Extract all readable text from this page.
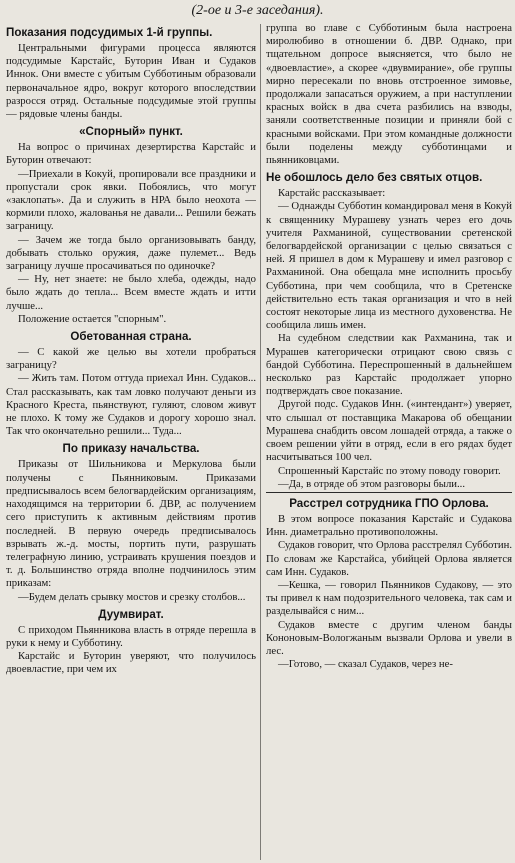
(2-ое и 3-е заседания).
Показания подсудимых 1-й группы.

Центральными фигурами процесса являются подсудимые Карстайс, Буторин Иван и Судаков Иннок. Они вместе с убитым Субботиным образовали первоначальное ядро, вокруг которого впоследствии разросся отряд. Остальные подсудимые этой группы — рядовые члены банды.

«Спорный» пункт.

На вопрос о причинах дезертирства Карстайс и Буторин отвечают:

—Приехали в Кокуй, пропировали все праздники и пропустали срок явки. Побоялись, что могут «заклопать». Да и служить в НРА было неохота — кормили плохо, жалованья не давали... Решили бежать заграницу.

— Зачем же тогда было организовывать банду, добывать столько оружия, даже пулемет... Ведь заграницу лучше просачиваться по одиночке?

— Ну, нет знаете: не было хлеба, одежды, надо было ждать до тепла... Всем вместе ждать и итти лучше...

Положение остается "спорным".

Обетованная страна.

— С какой же целью вы хотели пробраться заграницу?

— Жить там. Потом оттуда приехал Инн. Судаков... Стал рассказывать, как там ловко получают деньги из Красного Креста, пьянствуют, гуляют, словом живут не плохо. К тому же Судаков и дорогу хорошо знал. Так что окончательно решили... Туда...

По приказу начальства.

Приказы от Шильникова и Меркулова были получены с Пьянниковым. Приказами предписывалось всем белогвардейским организациям, находящимся на территории б. ДВР, ас получением сего приступить к активным действиям против последней. В первую очередь предписывалось взрывать ж.-д. мосты, портить пути, разрушать телеграфную линию, устраивать крушения поездов и т. д. Большинство отряда вполне подчинилось этим приказам:

—Будем делать срывку мостов и срезку столбов...

Дуумвират.

С приходом Пьянникова власть в отряде перешла в руки к нему и Субботину.

Карстайс и Буторин уверяют, что получилось двоевластие, при чем их

группа во главе с Субботиным была настроена миролюбиво в отношении б. ДВР. Однако, при тщательном допросе выясняется, что было не «двоевластие», а скорее «двувмирание», обе группы мирно пересекали по вновь отстроенное зимовье, продолжали запасаться оружием, а при наступлении красных войск в два счета разбились на взводы, заняли соответственные позиции и приняли бой с красными войсками. При этом командные должности были поделены между субботинцами и пьянниковцами.

Не обошлось дело без святых отцов.

Карстайс рассказывает:

— Однажды Субботин командировал меня в Кокуй к священнику Мурашеву узнать через его дочь учителя Рахманиной, существовании сретенской белогвардейской организации с целью связаться с ней. Я пришел в дом к Мурашеву и имел разговор с Рахманиной. Она обещала мне исполнить просьбу Субботина, при чем сообщила, что в Сретенске действительно есть такая организация и что в ней состоят некоторые лица из местного духовенства. Не сообщила лишь имен.

На судебном следствии как Рахманина, так и Мурашев категорически отрицают свою связь с бандой Субботина. Переспрошенный в дальнейшем несколько раз Карстайс продолжает упорно подтверждать свое показание.

Другой подс. Судаков Инн. («интендант») уверяет, что слышал от поставщика Макарова об обещании Мурашева снабдить овсом лошадей отряда, а также о своем решении уйти в отряд, если в его рядах будет насчитываться 100 чел.

Спрошенный Карстайс по этому поводу говорит.

—Да, в отряде об этом разговоры были...

Расстрел сотрудника ГПО Орлова.

В этом вопросе показания Карстайс и Судакова Инн. диаметрально противоположны.

Судаков говорит, что Орлова расстрелял Субботин. По словам же Карстайса, убийцей Орлова является сам Инн. Судаков.

—Кешка, — говорил Пьянников Судакову, — это ты привел к нам подозрительного человека, так сам и разделывайся с ним...

Судаков вместе с другим членом банды Кононовым-Вологжаным вызвали Орлова и увели в лес.

—Готово, — сказал Судаков, через не-
